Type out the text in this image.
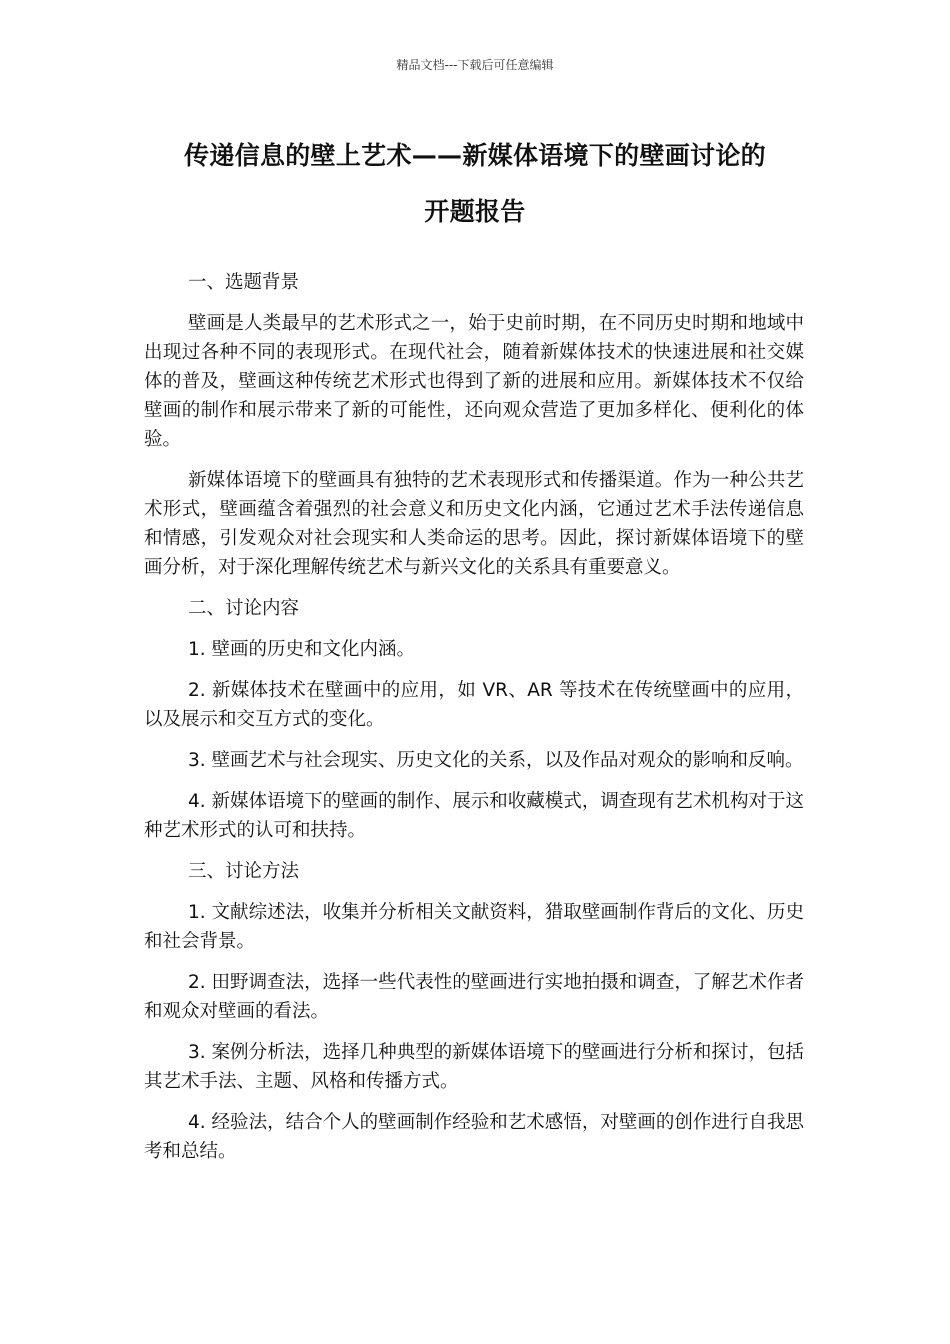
精品文档---下载后可任意编辑
传递信息的壁上艺术——新媒体语境下的壁画讨论的
开题报告

一、选题背景

壁画是人类最早的艺术形式之一，始于史前时期，在不同历史时期和地域中出现过各种不同的表现形式。在现代社会，随着新媒体技术的快速进展和社交媒体的普及，壁画这种传统艺术形式也得到了新的进展和应用。新媒体技术不仅给壁画的制作和展示带来了新的可能性，还向观众营造了更加多样化、便利化的体验。

新媒体语境下的壁画具有独特的艺术表现形式和传播渠道。作为一种公共艺术形式，壁画蕴含着强烈的社会意义和历史文化内涵，它通过艺术手法传递信息和情感，引发观众对社会现实和人类命运的思考。因此，探讨新媒体语境下的壁画分析，对于深化理解传统艺术与新兴文化的关系具有重要意义。

二、讨论内容

1. 壁画的历史和文化内涵。

2. 新媒体技术在壁画中的应用，如 VR、AR 等技术在传统壁画中的应用，以及展示和交互方式的变化。

3. 壁画艺术与社会现实、历史文化的关系，以及作品对观众的影响和反响。

4. 新媒体语境下的壁画的制作、展示和收藏模式，调查现有艺术机构对于这种艺术形式的认可和扶持。

三、讨论方法

1. 文献综述法，收集并分析相关文献资料，猎取壁画制作背后的文化、历史和社会背景。

2. 田野调查法，选择一些代表性的壁画进行实地拍摄和调查，了解艺术作者和观众对壁画的看法。

3. 案例分析法，选择几种典型的新媒体语境下的壁画进行分析和探讨，包括其艺术手法、主题、风格和传播方式。

4. 经验法，结合个人的壁画制作经验和艺术感悟，对壁画的创作进行自我思考和总结。
